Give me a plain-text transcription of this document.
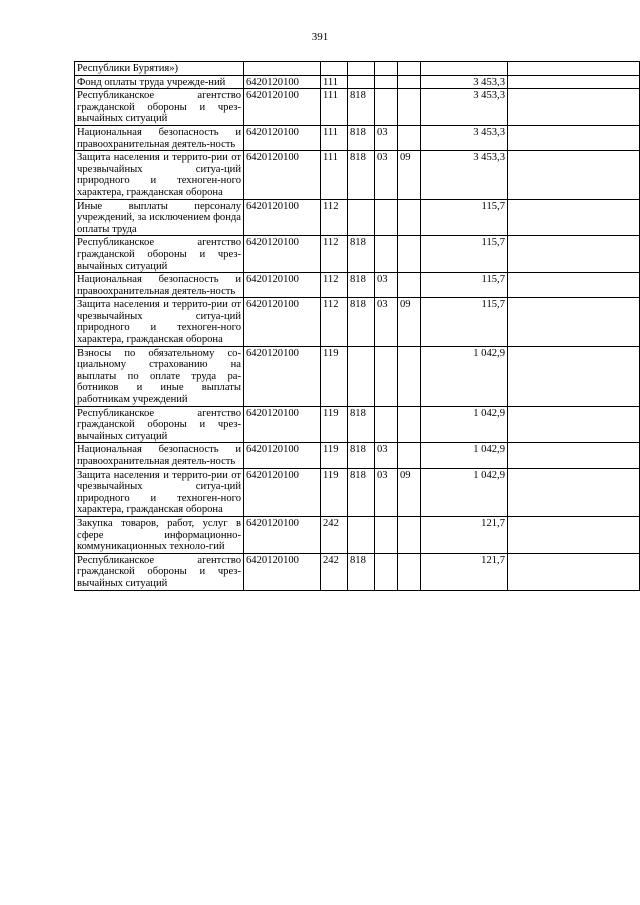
391
Республики Бурятия»)							
Фонд оплаты труда учрежде-ний	6420120100	111				3 453,3	
Республиканское агентство гражданской обороны и чрез-вычайных ситуаций	6420120100	111	818			3 453,3	
Национальная безопасность и правоохранительная деятель-ность	6420120100	111	818	03		3 453,3	
Защита населения и террито-рии от чрезвычайных ситуа-ций природного и техноген-ного характера, гражданская оборона	6420120100	111	818	03	09	3 453,3	
Иные выплаты персоналу учреждений, за исключением фонда оплаты труда	6420120100	112				115,7	
Республиканское агентство гражданской обороны и чрез-вычайных ситуаций	6420120100	112	818			115,7	
Национальная безопасность и правоохранительная деятель-ность	6420120100	112	818	03		115,7	
Защита населения и террито-рии от чрезвычайных ситуа-ций природного и техноген-ного характера, гражданская оборона	6420120100	112	818	03	09	115,7	
Взносы по обязательному со-циальному страхованию на выплаты по оплате труда ра-ботников и иные выплаты работникам учреждений	6420120100	119				1 042,9	
Республиканское агентство гражданской обороны и чрез-вычайных ситуаций	6420120100	119	818			1 042,9	
Национальная безопасность и правоохранительная деятель-ность	6420120100	119	818	03		1 042,9	
Защита населения и террито-рии от чрезвычайных ситуа-ций природного и техноген-ного характера, гражданская оборона	6420120100	119	818	03	09	1 042,9	
Закупка товаров, работ, услуг в сфере информационно-коммуникационных техноло-гий	6420120100	242				121,7	
Республиканское агентство гражданской обороны и чрез-вычайных ситуаций	6420120100	242	818			121,7	
